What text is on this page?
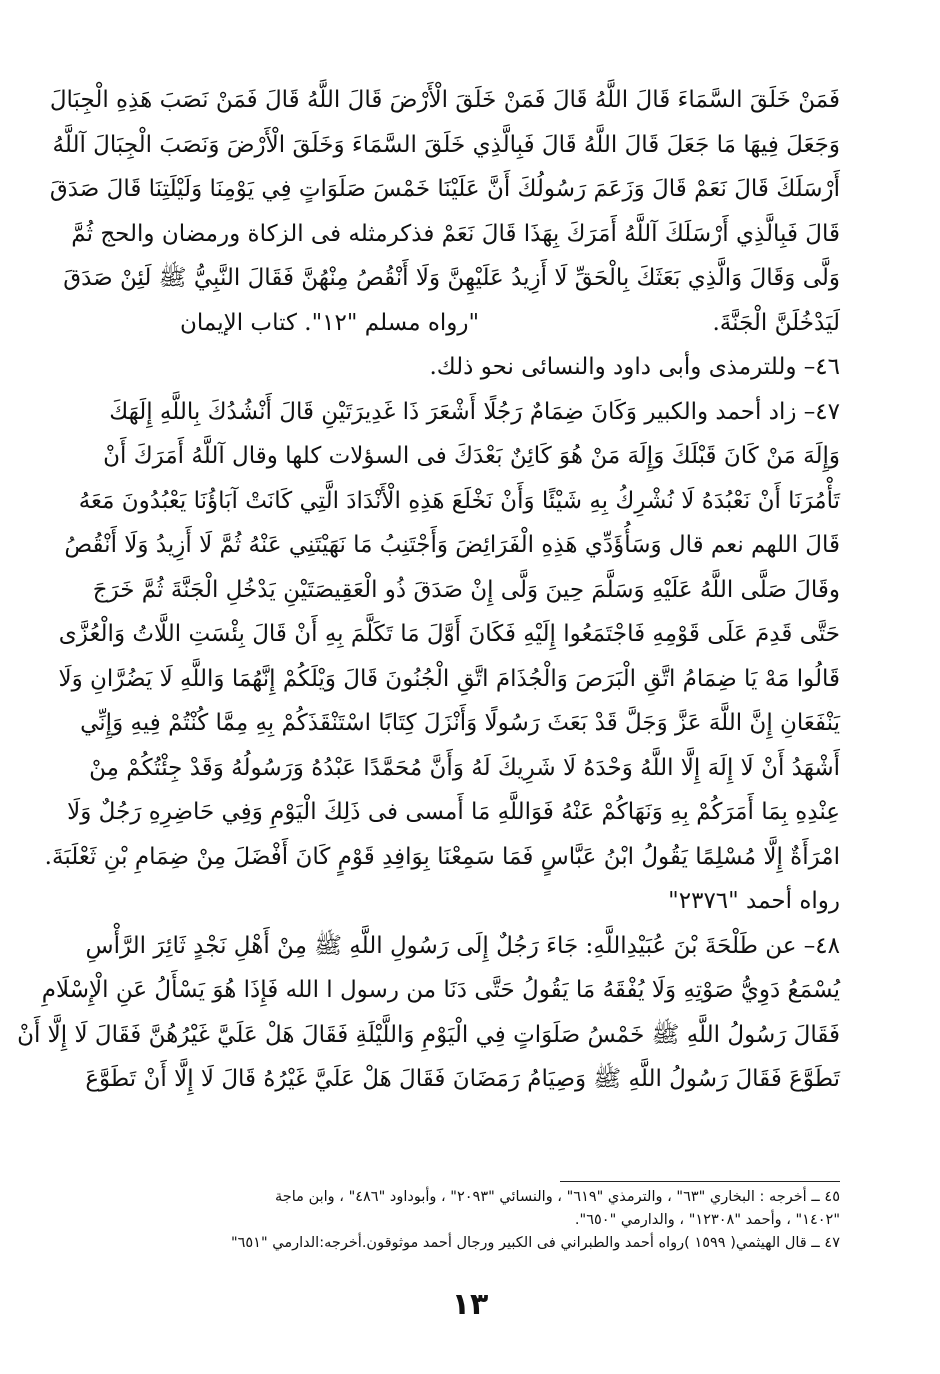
فَمَنْ خَلَقَ السَّمَاءَ قَالَ اللَّهُ قَالَ فَمَنْ خَلَقَ الْأَرْضَ قَالَ اللَّهُ قَالَ فَمَنْ نَصَبَ هَذِهِ الْجِبَالَ
وَجَعَلَ فِيهَا مَا جَعَلَ قَالَ اللَّهُ قَالَ فَبِالَّذِي خَلَقَ السَّمَاءَ وَخَلَقَ الْأَرْضَ وَنَصَبَ الْجِبَالَ آللَّهُ
أَرْسَلَكَ قَالَ نَعَمْ قَالَ وَزَعَمَ رَسُولُكَ أَنَّ عَلَيْنَا خَمْسَ صَلَوَاتٍ فِي يَوْمِنَا وَلَيْلَتِنَا قَالَ صَدَقَ
قَالَ فَبِالَّذِي أَرْسَلَكَ آللَّهُ أَمَرَكَ بِهَذَا قَالَ نَعَمْ فذكرمثله فى الزكاة ورمضان والحج ثُمَّ
وَلَّى وَقَالَ وَالَّذِي بَعَثَكَ بِالْحَقِّ لَا أَزِيدُ عَلَيْهِنَّ وَلَا أَنْقُصُ مِنْهُنَّ فَقَالَ النَّبِيُّ ﷺ لَئِنْ صَدَقَ
لَيَدْخُلَنَّ الْجَنَّةَ.
"رواه مسلم "١٢". كتاب الإيمان
٤٦– وللترمذى وأبى داود والنسائى نحو ذلك.
٤٧– زاد أحمد والكبير وَكَانَ ضِمَامٌ رَجُلًا أَشْعَرَ ذَا غَدِيرَتَيْنِ قَالَ أَنْشُدُكَ بِاللَّهِ إِلَهَكَ
وَإِلَهَ مَنْ كَانَ قَبْلَكَ وَإِلَهَ مَنْ هُوَ كَائِنٌ بَعْدَكَ فى السؤلات كلها وقال آللَّهُ أَمَرَكَ أَنْ
تَأْمُرَنَا أَنْ نَعْبُدَهُ لَا نُشْرِكُ بِهِ شَيْئًا وَأَنْ نَخْلَعَ هَذِهِ الْأَنْدَادَ الَّتِي كَانَتْ آبَاؤُنَا يَعْبُدُونَ مَعَهُ
قَالَ اللهم نعم قال وَسَأُؤَدِّي هَذِهِ الْفَرَائِضَ وَأَجْتَنِبُ مَا نَهَيْتَنِي عَنْهُ ثُمَّ لَا أَزِيدُ وَلَا أَنْقُصُ
وقَالَ صَلَّى اللَّهُ عَلَيْهِ وَسَلَّمَ حِينَ وَلَّى إِنْ صَدَقَ ذُو الْعَقِيصَتَيْنِ يَدْخُلِ الْجَنَّةَ ثُمَّ خَرَجَ
حَتَّى قَدِمَ عَلَى قَوْمِهِ فَاجْتَمَعُوا إِلَيْهِ فَكَانَ أَوَّلَ مَا تَكَلَّمَ بِهِ أَنْ قَالَ بِئْسَتِ اللَّاتُ وَالْعُزَّى
قَالُوا مَهْ يَا ضِمَامُ اتَّقِ الْبَرَصَ وَالْجُذَامَ اتَّقِ الْجُنُونَ قَالَ وَيْلَكُمْ إِنَّهُمَا وَاللَّهِ لَا يَضُرَّانِ وَلَا
يَنْفَعَانِ إِنَّ اللَّهَ عَزَّ وَجَلَّ قَدْ بَعَثَ رَسُولًا وَأَنْزَلَ كِتَابًا اسْتَنْقَذَكُمْ بِهِ مِمَّا كُنْتُمْ فِيهِ وَإِنِّي
أَشْهَدُ أَنْ لَا إِلَهَ إِلَّا اللَّهُ وَحْدَهُ لَا شَرِيكَ لَهُ وَأَنَّ مُحَمَّدًا عَبْدُهُ وَرَسُولُهُ وَقَدْ جِئْتُكُمْ مِنْ
عِنْدِهِ بِمَا أَمَرَكُمْ بِهِ وَنَهَاكُمْ عَنْهُ فَوَاللَّهِ مَا أَمسى فى ذَلِكَ الْيَوْمِ وَفِي حَاضِرِهِ رَجُلٌ وَلَا
امْرَأَةٌ إِلَّا مُسْلِمًا يَقُولُ ابْنُ عَبَّاسٍ فَمَا سَمِعْنَا بِوَافِدِ قَوْمٍ كَانَ أَفْضَلَ مِنْ ضِمَامِ بْنِ ثَعْلَبَةَ.
رواه أحمد "٢٣٧٦"
٤٨– عن طَلْحَةَ بْنَ عُبَيْدِاللَّهِ: جَاءَ رَجُلٌ إِلَى رَسُولِ اللَّهِ ﷺ مِنْ أَهْلِ نَجْدٍ ثَائِرَ الرَّأْسِ
يُسْمَعُ دَوِيُّ صَوْتِهِ وَلَا يُفْقَهُ مَا يَقُولُ حَتَّى دَنَا من رسول ا الله فَإِذَا هُوَ يَسْأَلُ عَنِ الْإِسْلَامِ
فَقَالَ رَسُولُ اللَّهِ ﷺ خَمْسُ صَلَوَاتٍ فِي الْيَوْمِ وَاللَّيْلَةِ فَقَالَ هَلْ عَلَيَّ غَيْرُهُنَّ فَقَالَ لَا إِلَّا أَنْ
تَطَوَّعَ فَقَالَ رَسُولُ اللَّهِ ﷺ وَصِيَامُ رَمَضَانَ فَقَالَ هَلْ عَلَيَّ غَيْرُهُ قَالَ لَا إِلَّا أَنْ تَطَوَّعَ
٤٥ ــ أخرجه : البخاري "٦٣" ، والترمذي "٦١٩" ، والنسائي "٢٠٩٣" ، وأبوداود "٤٨٦" ، وابن ماجة
"١٤٠٢" ، وأحمد "١٢٣٠٨" ، والدارمي "٦٥٠".
٤٧ ــ قال الهيثمي( ١٥٩٩ )رواه أحمد والطبراني فى الكبير ورجال أحمد موثوقون.أخرجه:الدارمي "٦٥١"
١٣
